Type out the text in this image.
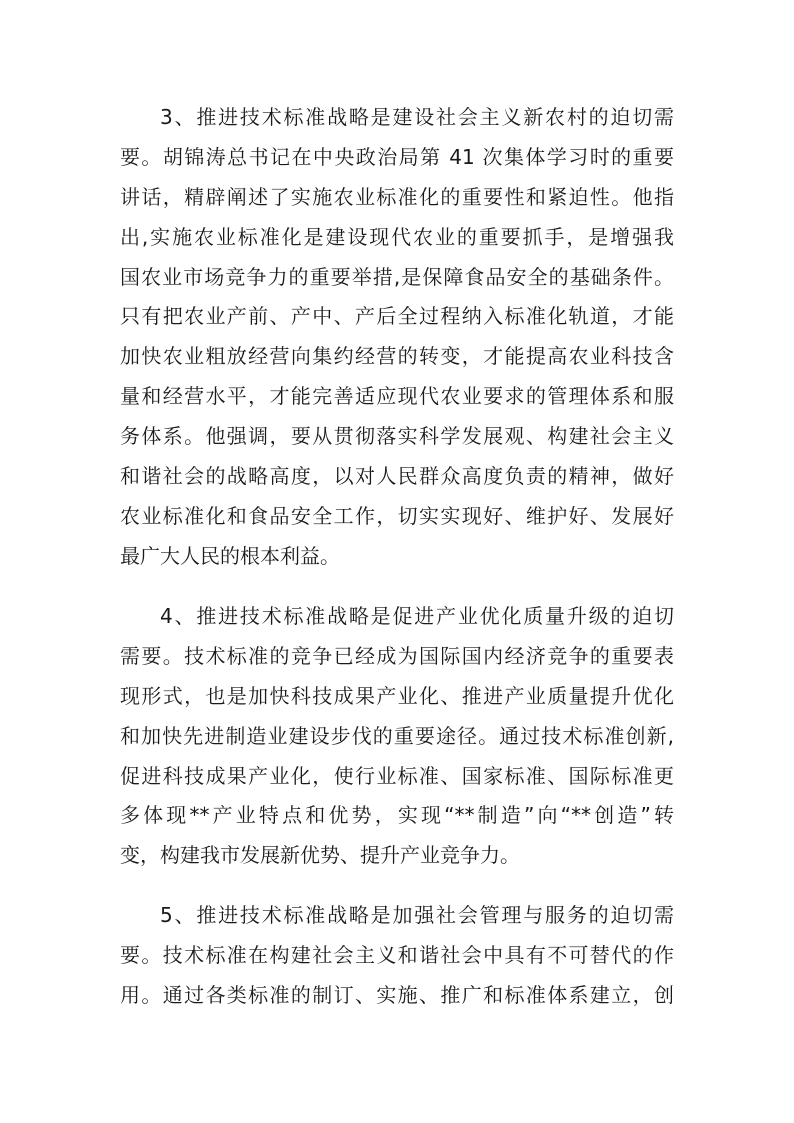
3、推进技术标准战略是建设社会主义新农村的迫切需
要。胡锦涛总书记在中央政治局第 41 次集体学习时的重要
讲话，精辟阐述了实施农业标准化的重要性和紧迫性。他指
出,实施农业标准化是建设现代农业的重要抓手，是增强我
国农业市场竞争力的重要举措,是保障食品安全的基础条件。
只有把农业产前、产中、产后全过程纳入标准化轨道，才能
加快农业粗放经营向集约经营的转变，才能提高农业科技含
量和经营水平，才能完善适应现代农业要求的管理体系和服
务体系。他强调，要从贯彻落实科学发展观、构建社会主义
和谐社会的战略高度，以对人民群众高度负责的精神，做好
农业标准化和食品安全工作，切实实现好、维护好、发展好
最广大人民的根本利益。
4、推进技术标准战略是促进产业优化质量升级的迫切
需要。技术标准的竞争已经成为国际国内经济竞争的重要表
现形式，也是加快科技成果产业化、推进产业质量提升优化
和加快先进制造业建设步伐的重要途径。通过技术标准创新,
促进科技成果产业化，使行业标准、国家标准、国际标准更
多体现**产业特点和优势，实现“**制造”向“**创造”转
变，构建我市发展新优势、提升产业竞争力。
5、推进技术标准战略是加强社会管理与服务的迫切需
要。技术标准在构建社会主义和谐社会中具有不可替代的作
用。通过各类标准的制订、实施、推广和标准体系建立，创
